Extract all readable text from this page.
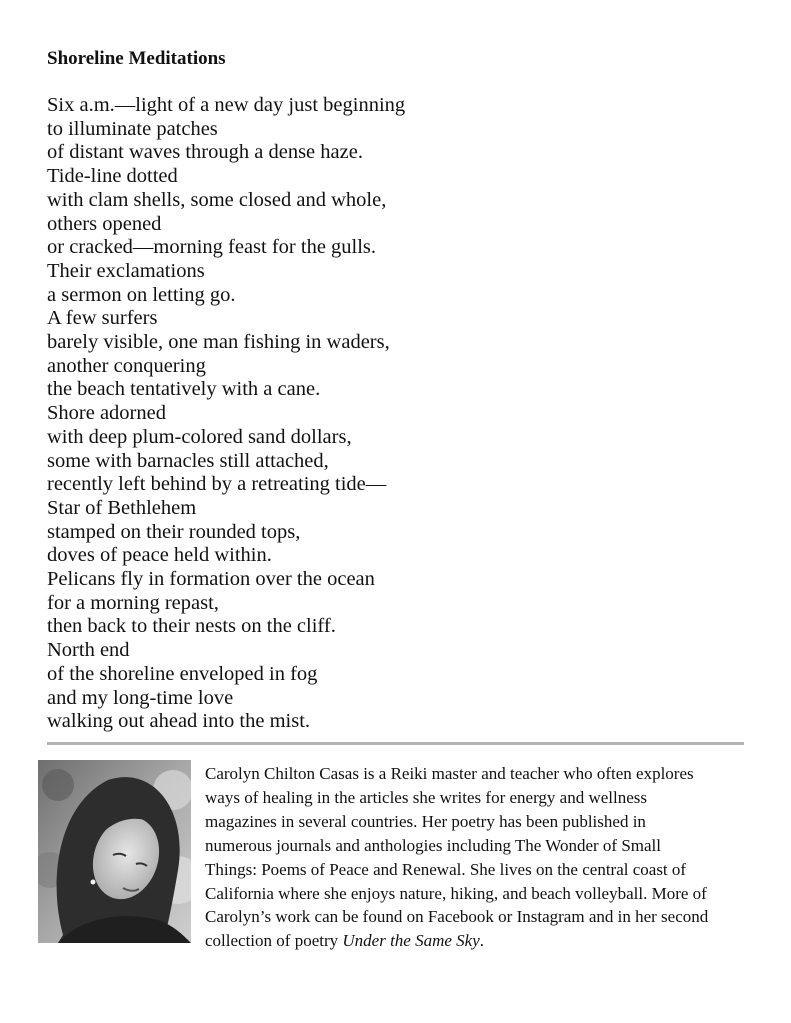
Shoreline Meditations
Six a.m.—light of a new day just beginning
to illuminate patches
of distant waves through a dense haze.
Tide-line dotted
with clam shells, some closed and whole,
others opened
or cracked—morning feast for the gulls.
Their exclamations
a sermon on letting go.
A few surfers
barely visible, one man fishing in waders,
another conquering
the beach tentatively with a cane.
Shore adorned
with deep plum-colored sand dollars,
some with barnacles still attached,
recently left behind by a retreating tide—
Star of Bethlehem
stamped on their rounded tops,
doves of peace held within.
Pelicans fly in formation over the ocean
for a morning repast,
then back to their nests on the cliff.
North end
of the shoreline enveloped in fog
and my long-time love
walking out ahead into the mist.
Carolyn Chilton Casas is a Reiki master and teacher who often explores
ways of healing in the articles she writes for energy and wellness
magazines in several countries. Her poetry has been published in
numerous journals and anthologies including The Wonder of Small
Things: Poems of Peace and Renewal. She lives on the central coast of
California where she enjoys nature, hiking, and beach volleyball. More of
Carolyn’s work can be found on Facebook or Instagram and in her second
collection of poetry Under the Same Sky.
